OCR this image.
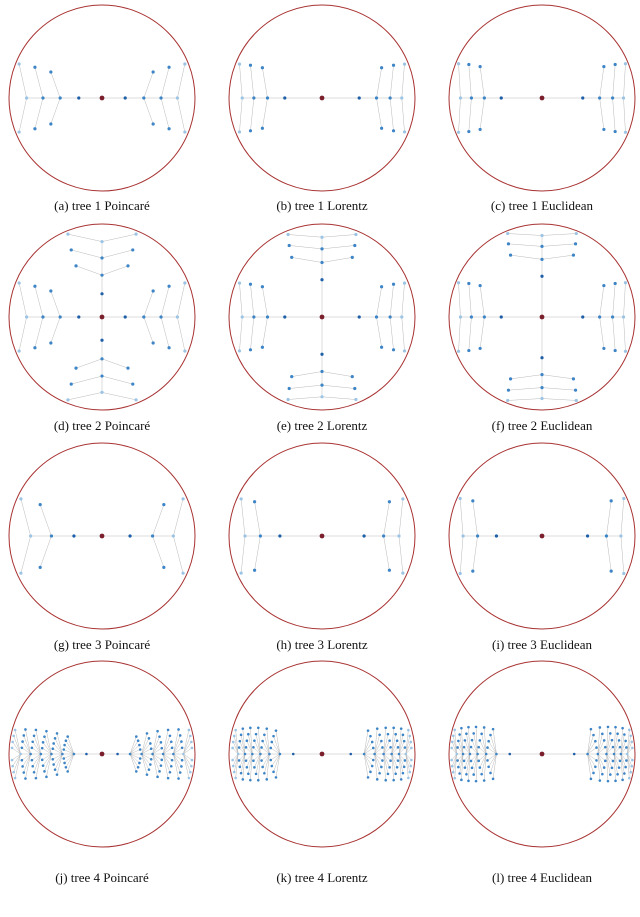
(a) tree 1 Poincaré	(b) tree 1 Lorentz	(c) tree 1 Euclidean
(d) tree 2 Poincaré	(e) tree 2 Lorentz	(f) tree 2 Euclidean
(g) tree 3 Poincaré	(h) tree 3 Lorentz	(i) tree 3 Euclidean
(j) tree 4 Poincaré	(k) tree 4 Lorentz	(l) tree 4 Euclidean
